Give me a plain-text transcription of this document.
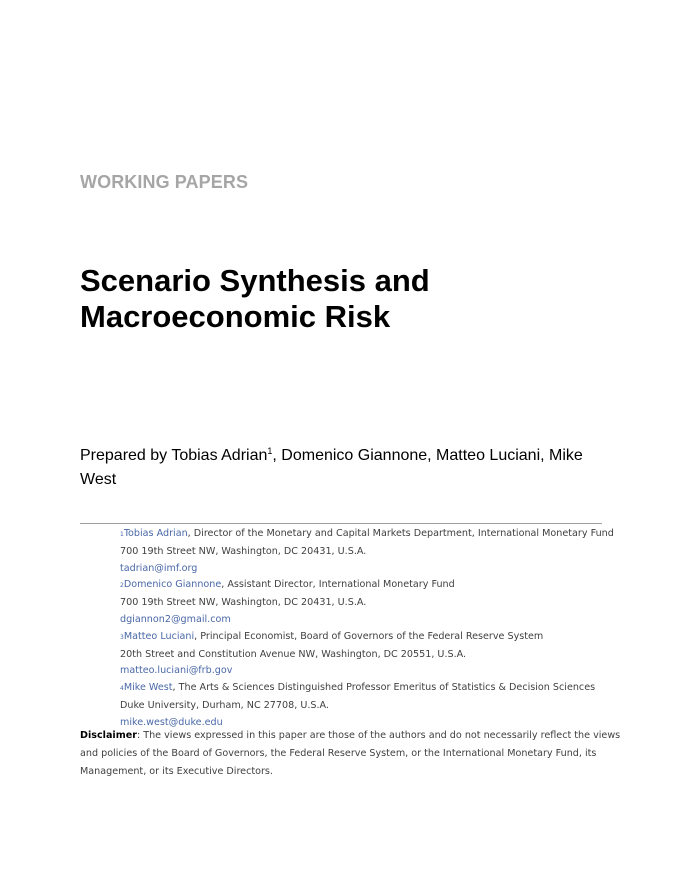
WORKING PAPERS

Scenario Synthesis and
Macroeconomic Risk

Prepared by Tobias Adrian$^1$, Domenico Giannone, Matteo Luciani, Mike
West

1Tobias Adrian, Director of the Monetary and Capital Markets Department, International Monetary Fund
700 19th Street NW, Washington, DC 20431, U.S.A.
tadrian@imf.org
2Domenico Giannone, Assistant Director, International Monetary Fund
700 19th Street NW, Washington, DC 20431, U.S.A.
dgiannon2@gmail.com
3Matteo Luciani, Principal Economist, Board of Governors of the Federal Reserve System
20th Street and Constitution Avenue NW, Washington, DC 20551, U.S.A.
matteo.luciani@frb.gov
4Mike West, The Arts & Sciences Distinguished Professor Emeritus of Statistics & Decision Sciences
Duke University, Durham, NC 27708, U.S.A.
mike.west@duke.edu

Disclaimer: The views expressed in this paper are those of the authors and do not necessarily reflect the views
and policies of the Board of Governors, the Federal Reserve System, or the International Monetary Fund, its
Management, or its Executive Directors.
